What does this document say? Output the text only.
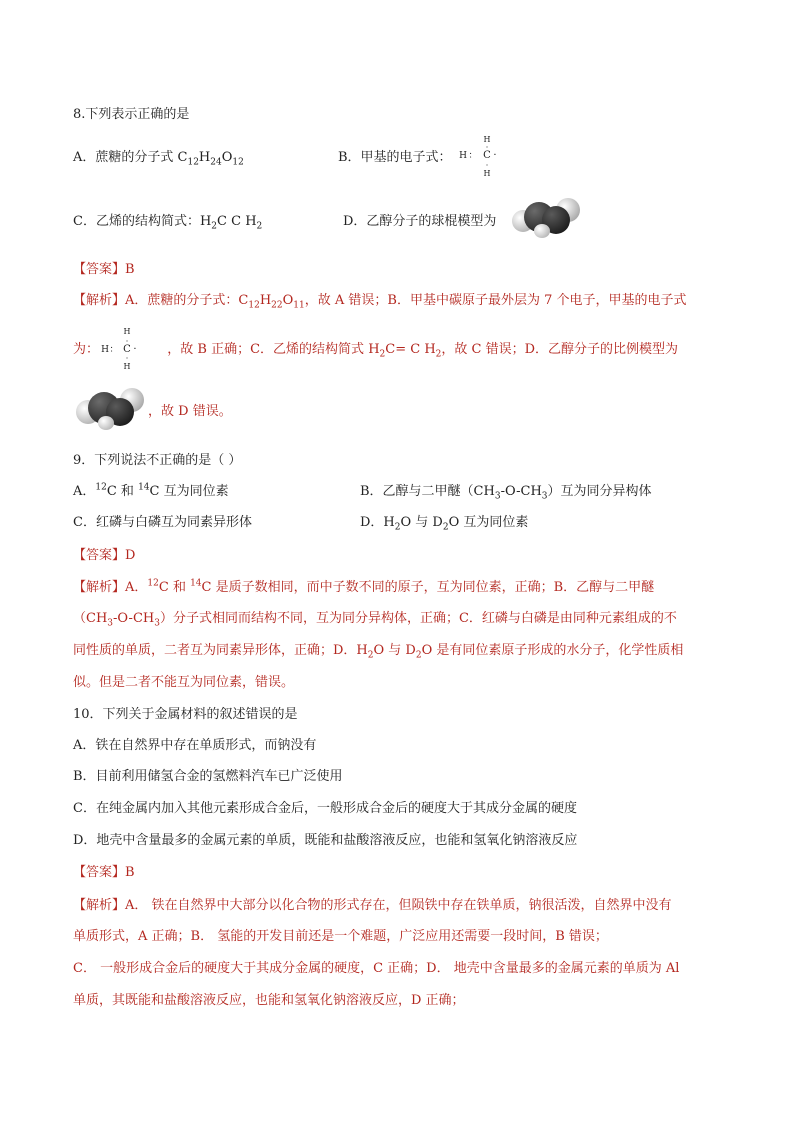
8.下列表示正确的是
A．蔗糖的分子式 $C_{12}H_{24}O_{12}$	B．甲基的电子式：
H
H ： C ·
·
·
H
C．乙烯的结构简式：$H_2C$ C $H_2$	D．乙醇分子的球棍模型为
【答案】B
【解析】A．蔗糖的分子式：$C_{12}H_{22}O_{11}$，故 A 错误；B．甲基中碳原子最外层为 7 个电子，甲基的电子式
为：	，故 B 正确；C．乙烯的结构简式 $H_2C= C$ $H_2$，故 C 错误；D．乙醇分子的比例模型为
H
H ： C ·
·
·
H
，故 D 错误。
9．下列说法不正确的是（ ）
A．$^{12}$C 和 $^{14}$C 互为同位素	B．乙醇与二甲醚$(CH_3-O-CH_3)$互为同分异构体
C．红磷与白磷互为同素异形体	D．$H_2O$ 与 $D_2O$ 互为同位素
【答案】D
【解析】A．$^{12}$C 和 $^{14}$C 是质子数相同，而中子数不同的原子，互为同位素，正确；B．乙醇与二甲醚
$(CH_3-O-CH_3)$分子式相同而结构不同，互为同分异构体，正确；C．红磷与白磷是由同种元素组成的不
同性质的单质，二者互为同素异形体，正确；D．$H_2O$ 与 $D_2O$ 是有同位素原子形成的水分子，化学性质相
似。但是二者不能互为同位素，错误。
10．下列关于金属材料的叙述错误的是
A．铁在自然界中存在单质形式，而钠没有
B．目前利用储氢合金的氢燃料汽车已广泛使用
C．在纯金属内加入其他元素形成合金后，一般形成合金后的硬度大于其成分金属的硬度
D．地壳中含量最多的金属元素的单质，既能和盐酸溶液反应，也能和氢氧化钠溶液反应
【答案】B
【解析】A． 铁在自然界中大部分以化合物的形式存在，但陨铁中存在铁单质，钠很活泼，自然界中没有
单质形式，A 正确；B． 氢能的开发目前还是一个难题，广泛应用还需要一段时间，B 错误；
C． 一般形成合金后的硬度大于其成分金属的硬度，C 正确；D． 地壳中含量最多的金属元素的单质为 Al
单质，其既能和盐酸溶液反应，也能和氢氧化钠溶液反应，D 正确；
